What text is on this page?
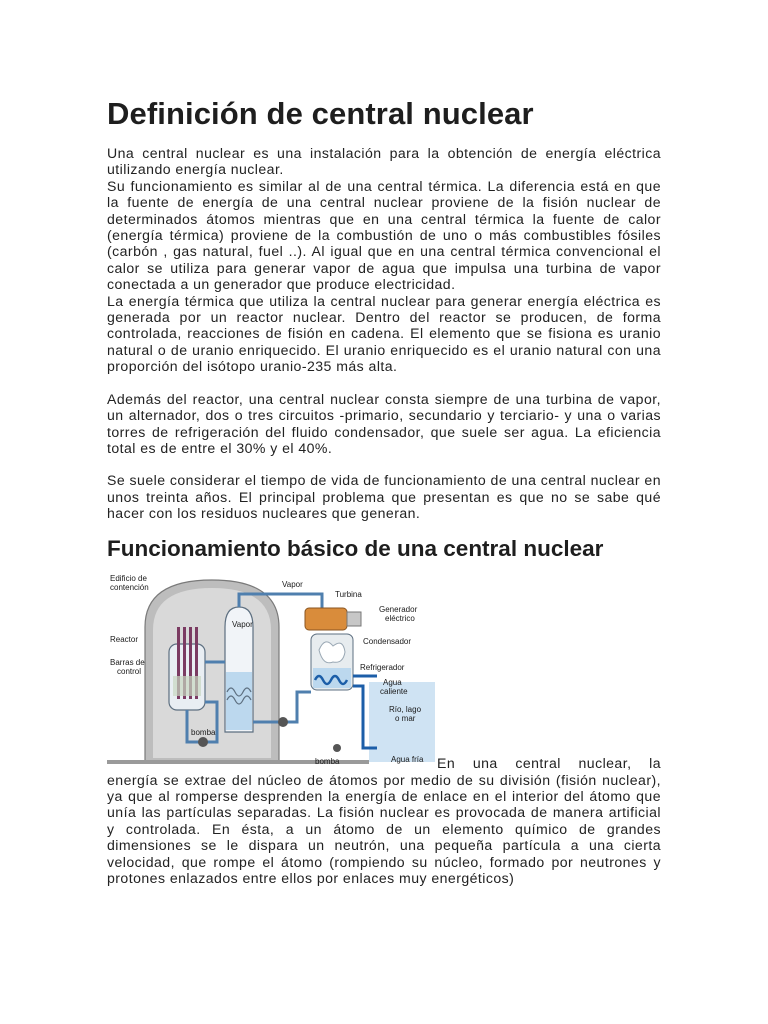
Definición de central nuclear

Una central nuclear es una instalación para la obtención de energía eléctrica utilizando energía nuclear.

Su funcionamiento es similar al de una central térmica. La diferencia está en que la fuente de energía de una central nuclear proviene de la fisión nuclear de determinados átomos mientras que en una central térmica la fuente de calor (energía térmica) proviene de la combustión de uno o más combustibles fósiles (carbón , gas natural, fuel ..). Al igual que en una central térmica convencional el calor se utiliza para generar vapor de agua que impulsa una turbina de vapor conectada a un generador que produce electricidad.

La energía térmica que utiliza la central nuclear para generar energía eléctrica es generada por un reactor nuclear. Dentro del reactor se producen, de forma controlada, reacciones de fisión en cadena. El elemento que se fisiona es uranio natural o de uranio enriquecido. El uranio enriquecido es el uranio natural con una proporción del isótopo uranio-235 más alta.

Además del reactor, una central nuclear consta siempre de una turbina de vapor, un alternador, dos o tres circuitos -primario, secundario y terciario- y una o varias torres de refrigeración del fluido condensador, que suele ser agua. La eficiencia total es de entre el 30% y el 40%.

Se suele considerar el tiempo de vida de funcionamiento de una central nuclear en unos treinta años. El principal problema que presentan es que no se sabe qué hacer con los residuos nucleares que generan.

Funcionamiento básico de una central nuclear
Edificio de
contención	Vapor
Turbina
Generador
eléctrico
Vapor
Condensador
Reactor
Refrigerador
Barras de
control
Agua
caliente
Río, lago
o mar
bomba
bomba	Agua fría En una central nuclear, la

energía se extrae del núcleo de átomos por medio de su división (fisión nuclear), ya que al romperse desprenden la energía de enlace en el interior del átomo que unía las partículas separadas. La fisión nuclear es provocada de manera artificial y controlada. En ésta, a un átomo de un elemento químico de grandes dimensiones se le dispara un neutrón, una pequeña partícula a una cierta velocidad, que rompe el átomo (rompiendo su núcleo, formado por neutrones y protones enlazados entre ellos por enlaces muy energéticos)
